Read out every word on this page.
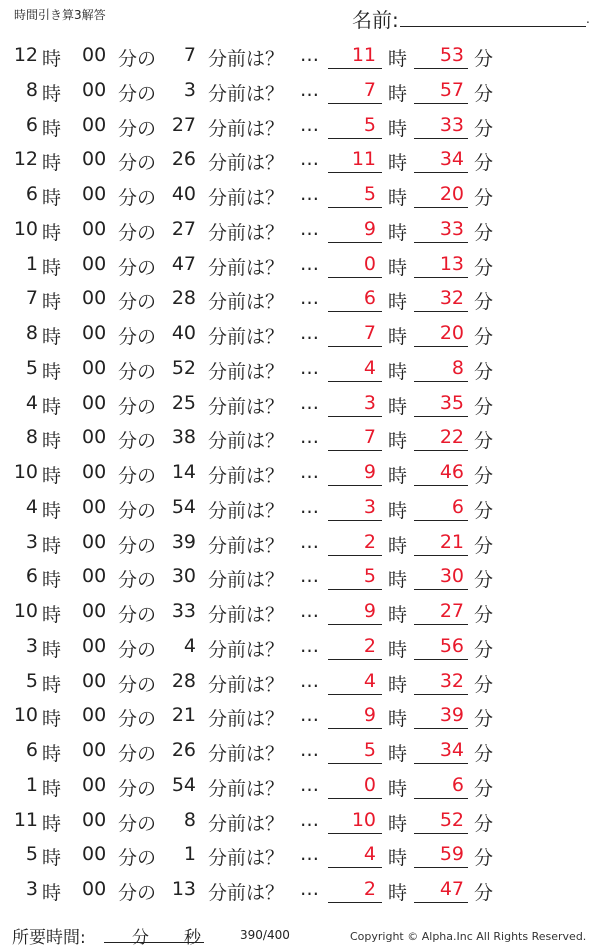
時間引き算3解答	名前:	.
12 時 00 分の	7 分前は？ …	11 時	53 分
8 時 00 分の	3 分前は？ …	7 時	57 分
6 時 00 分の 27 分前は？ …	5 時	33 分
12 時 00 分の 26 分前は？ …	11 時	34 分
6 時 00 分の 40 分前は？ …	5 時	20 分
10 時 00 分の 27 分前は？ …	9 時	33 分
1 時 00 分の 47 分前は？ …	0 時	13 分
7 時 00 分の 28 分前は？ …	6 時	32 分
8 時 00 分の 40 分前は？ …	7 時	20 分
5 時 00 分の 52 分前は？ …	4 時	8 分
4 時 00 分の 25 分前は？ …	3 時	35 分
8 時 00 分の 38 分前は？ …	7 時	22 分
10 時 00 分の 14 分前は？ …	9 時	46 分
4 時 00 分の 54 分前は？ …	3 時	6 分
3 時 00 分の 39 分前は？ …	2 時	21 分
6 時 00 分の 30 分前は？ …	5 時	30 分
10 時 00 分の 33 分前は？ …	9 時	27 分
3 時 00 分の	4 分前は？ …	2 時	56 分
5 時 00 分の 28 分前は？ …	4 時	32 分
10 時 00 分の 21 分前は？ …	9 時	39 分
6 時 00 分の 26 分前は？ …	5 時	34 分
1 時 00 分の 54 分前は？ …	0 時	6 分
11 時 00 分の	8 分前は？ …	10 時	52 分
5 時 00 分の	1 分前は？ …	4 時	59 分
3 時 00 分の 13 分前は？ …	2 時	47 分
所要時間:	分 秒	390/400	Copyright © Alpha.Inc All Rights Reserved.
